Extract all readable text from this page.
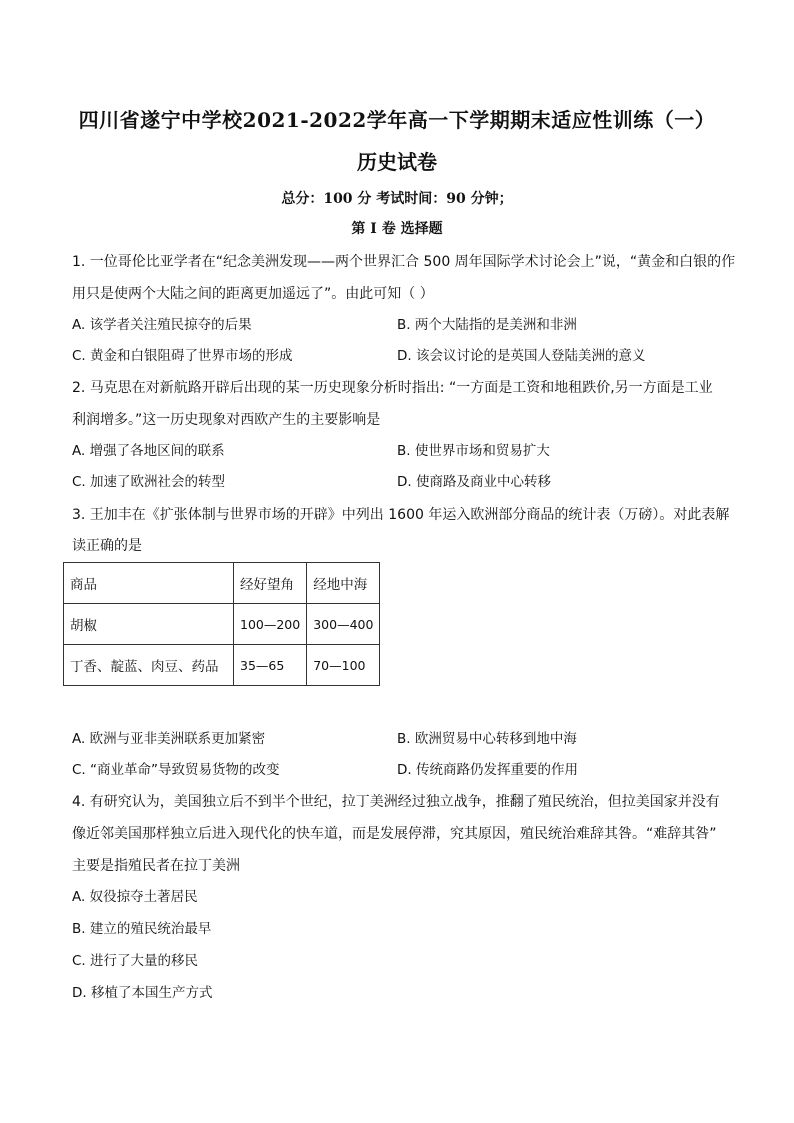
四川省遂宁中学校2021-2022学年高一下学期期末适应性训练（一）
历史试卷
总分：100 分 考试时间：90 分钟；
第 I 卷 选择题
1. 一位哥伦比亚学者在“纪念美洲发现——两个世界汇合 500 周年国际学术讨论会上”说，“黄金和白银的作
用只是使两个大陆之间的距离更加遥远了”。由此可知（ ）
A. 该学者关注殖民掠夺的后果	B. 两个大陆指的是美洲和非洲
C. 黄金和白银阻碍了世界市场的形成	D. 该会议讨论的是英国人登陆美洲的意义
2. 马克思在对新航路开辟后出现的某一历史现象分析时指出: “一方面是工资和地租跌价,另一方面是工业
利润增多。”这一历史现象对西欧产生的主要影响是
A. 增强了各地区间的联系	B. 使世界市场和贸易扩大
C. 加速了欧洲社会的转型	D. 使商路及商业中心转移
3. 王加丰在《扩张体制与世界市场的开辟》中列出 1600 年运入欧洲部分商品的统计表（万磅）。对此表解
读正确的是
商品	经好望角	经地中海
胡椒	100—200	300—400
丁香、靛蓝、肉豆、药品	35—65	70—100
A. 欧洲与亚非美洲联系更加紧密	B. 欧洲贸易中心转移到地中海
C. “商业革命”导致贸易货物的改变	D. 传统商路仍发挥重要的作用
4. 有研究认为，美国独立后不到半个世纪，拉丁美洲经过独立战争，推翻了殖民统治，但拉美国家并没有
像近邻美国那样独立后进入现代化的快车道，而是发展停滞，究其原因，殖民统治难辞其咎。“难辞其咎”
主要是指殖民者在拉丁美洲
A. 奴役掠夺土著居民
B. 建立的殖民统治最早
C. 进行了大量的移民
D. 移植了本国生产方式
